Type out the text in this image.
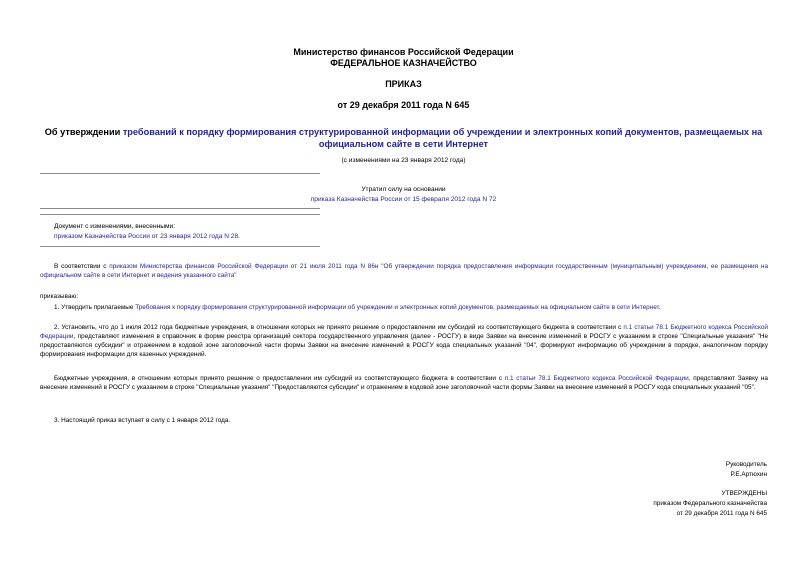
Министерство финансов Российской Федерации
ФЕДЕРАЛЬНОЕ КАЗНАЧЕЙСТВО
ПРИКАЗ
от 29 декабря 2011 года N 645
Об утверждении требований к порядку формирования структурированной информации об учреждении и электронных копий документов, размещаемых на официальном сайте в сети Интернет
(с изменениями на 23 января 2012 года)
Утратил силу на основании
приказа Казначейства России от 15 февраля 2012 года N 72
Документ с изменениями, внесенными:
приказом Казначейства России от 23 января 2012 года N 28.
В соответствии с приказом Министерства финансов Российской Федерации от 21 июля 2011 года N 86н "Об утверждении порядка предоставления информации государственным (муниципальным) учреждением, ее размещения на официальном сайте в сети Интернет и ведения указанного сайта"
приказываю:
1. Утвердить прилагаемые Требования к порядку формирования структурированной информации об учреждении и электронных копий документов, размещаемых на официальном сайте в сети Интернет.
2. Установить, что до 1 июля 2012 года бюджетные учреждения, в отношении которых не принято решение о предоставлении им субсидий из соответствующего бюджета в соответствии с п.1 статьи 78.1 Бюджетного кодекса Российской Федерации, представляют изменения в справочник в форме реестра организаций сектора государственного управления (далее - РОСГУ) в виде Заявки на внесение изменений в РОСГУ с указанием в строке "Специальные указания" "Не предоставляются субсидии" и отражением в кодовой зоне заголовочной части формы Заявки на внесение изменений в РОСГУ кода специальных указаний "04", формируют информацию об учреждении в порядке, аналогичном порядку формирования информации для казенных учреждений.
Бюджетные учреждения, в отношении которых принято решение о предоставлении им субсидий из соответствующего бюджета в соответствии с п.1 статьи 78.1 Бюджетного кодекса Российской Федерации, представляют Заявку на внесение изменений в РОСГУ с указанием в строке "Специальные указания" "Предоставляются субсидии" и отражением в кодовой зоне заголовочной части формы Заявки на внесение изменений в РОСГУ кода специальных указаний "05".
3. Настоящий приказ вступает в силу с 1 января 2012 года.
Руководитель
Р.Е.Артюхин
УТВЕРЖДЕНЫ
приказом Федерального казначейства
от 29 декабря 2011 года N 645
